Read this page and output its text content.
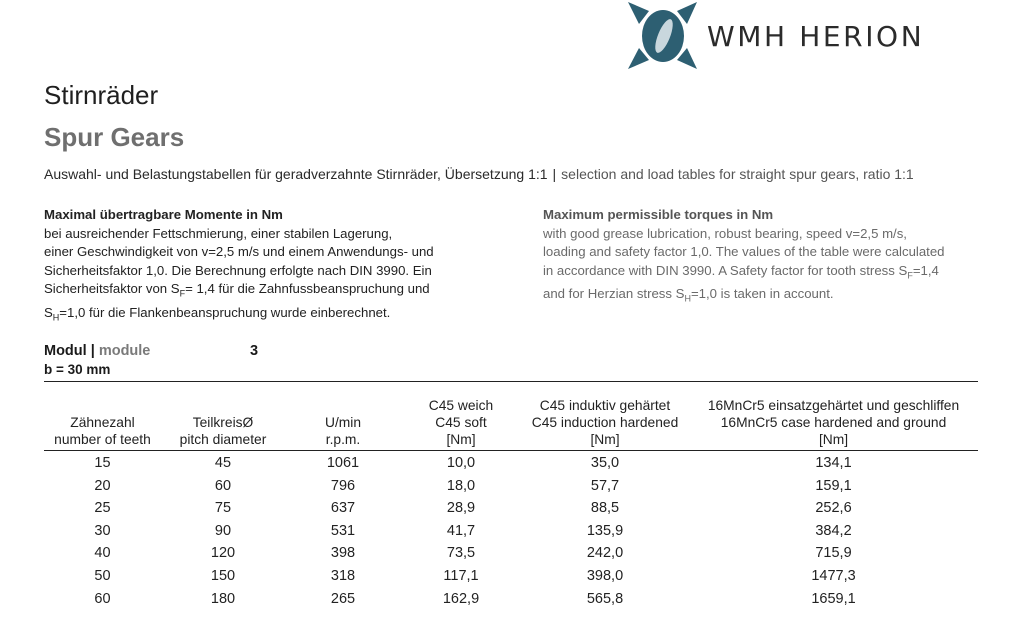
WMH HERION
Stirnräder
Spur Gears
Auswahl- und Belastungstabellen für geradverzahnte Stirnräder, Übersetzung 1:1 | selection and load tables for straight spur gears, ratio 1:1
Maximal übertragbare Momente in Nm
bei ausreichender Fettschmierung, einer stabilen Lagerung,
einer Geschwindigkeit von v=2,5 m/s und einem Anwendungs- und
Sicherheitsfaktor 1,0. Die Berechnung erfolgte nach DIN 3990. Ein
Sicherheitsfaktor von $S_F= 1,4$ für die Zahnfussbeanspruchung und
$S_H=1,0$ für die Flankenbeanspruchung wurde einberechnet.
Maximum permissible torques in Nm
with good grease lubrication, robust bearing, speed v=2,5 m/s,
loading and safety factor 1,0. The values of the table were calculated
in accordance with DIN 3990. A Safety factor for tooth stress $S_F=1,4$
and for Herzian stress $S_H=1,0$ is taken in account.
Modul | module	3
b = 30 mm
Zähnezahl
number of teeth
TeilkreisØ
pitch diameter
U/min
r.p.m.
C45 weich
C45 soft
[Nm]
C45 induktiv gehärtet
C45 induction hardened
[Nm]
16MnCr5 einsatzgehärtet und geschliffen
16MnCr5 case hardened and ground
[Nm]
15	45	1061	10,0	35,0	134,1
20	60	796	18,0	57,7	159,1
25	75	637	28,9	88,5	252,6
30	90	531	41,7	135,9	384,2
40	120	398	73,5	242,0	715,9
50	150	318	117,1	398,0	1477,3
60	180	265	162,9	565,8	1659,1
